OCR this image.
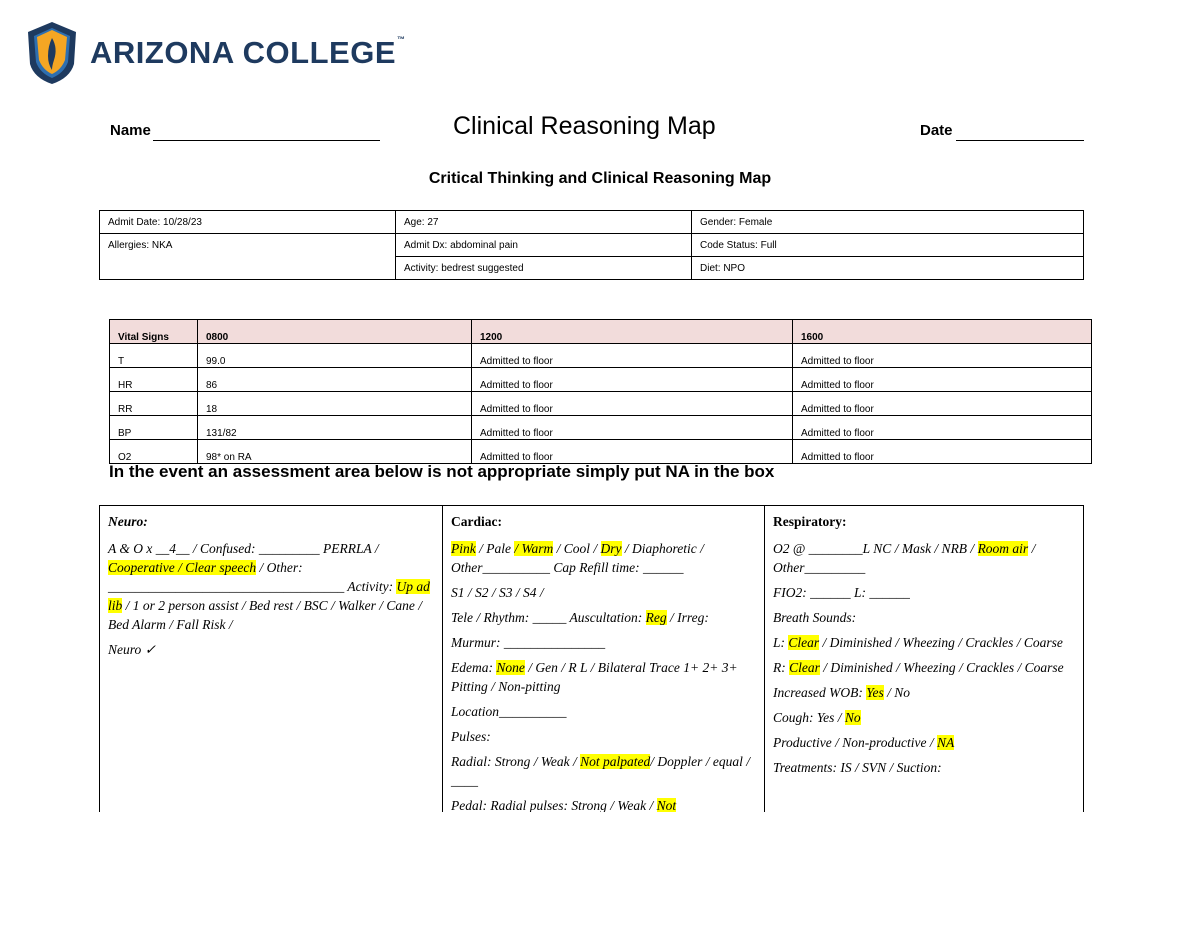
ARIZONA COLLEGE™
Name	Clinical Reasoning Map	Date
Critical Thinking and Clinical Reasoning Map
Admit Date: 10/28/23	Age: 27	Gender: Female
Allergies: NKA	Admit Dx: abdominal pain	Code Status: Full
	Activity: bedrest suggested	Diet: NPO
Vital Signs	0800	1200	1600
T	99.0	Admitted to floor	Admitted to floor
HR	86	Admitted to floor	Admitted to floor
RR	18	Admitted to floor	Admitted to floor
BP	131/82	Admitted to floor	Admitted to floor
O2	98* on RA	Admitted to floor	Admitted to floor
In the event an assessment area below is not appropriate simply put NA in the box
Neuro:
A & O x __4__ / Confused: _________ PERRLA / Cooperative / Clear speech / Other: ___________________________________ Activity: Up ad lib / 1 or 2 person assist / Bed rest / BSC / Walker / Cane / Bed Alarm / Fall Risk /
Neuro ✓

Cardiac:
Pink / Pale / Warm / Cool / Dry / Diaphoretic / Other__________ Cap Refill time: ______
S1 / S2 / S3 / S4 /
Tele / Rhythm: _____ Auscultation: Reg / Irreg:
Murmur: _______________
Edema: None / Gen / R L / Bilateral Trace 1+ 2+ 3+ Pitting / Non-pitting
Location__________
Pulses:
Radial: Strong / Weak / Not palpated/ Doppler / equal / ____
Pedal: Radial pulses: Strong / Weak / Not

Respiratory:
O2 @ ________L NC / Mask / NRB / Room air / Other_________
FIO2: ______ L: ______
Breath Sounds:
L: Clear / Diminished / Wheezing / Crackles / Coarse
R: Clear / Diminished / Wheezing / Crackles / Coarse
Increased WOB: Yes / No
Cough: Yes / No
Productive / Non-productive / NA
Treatments: IS / SVN / Suction:
